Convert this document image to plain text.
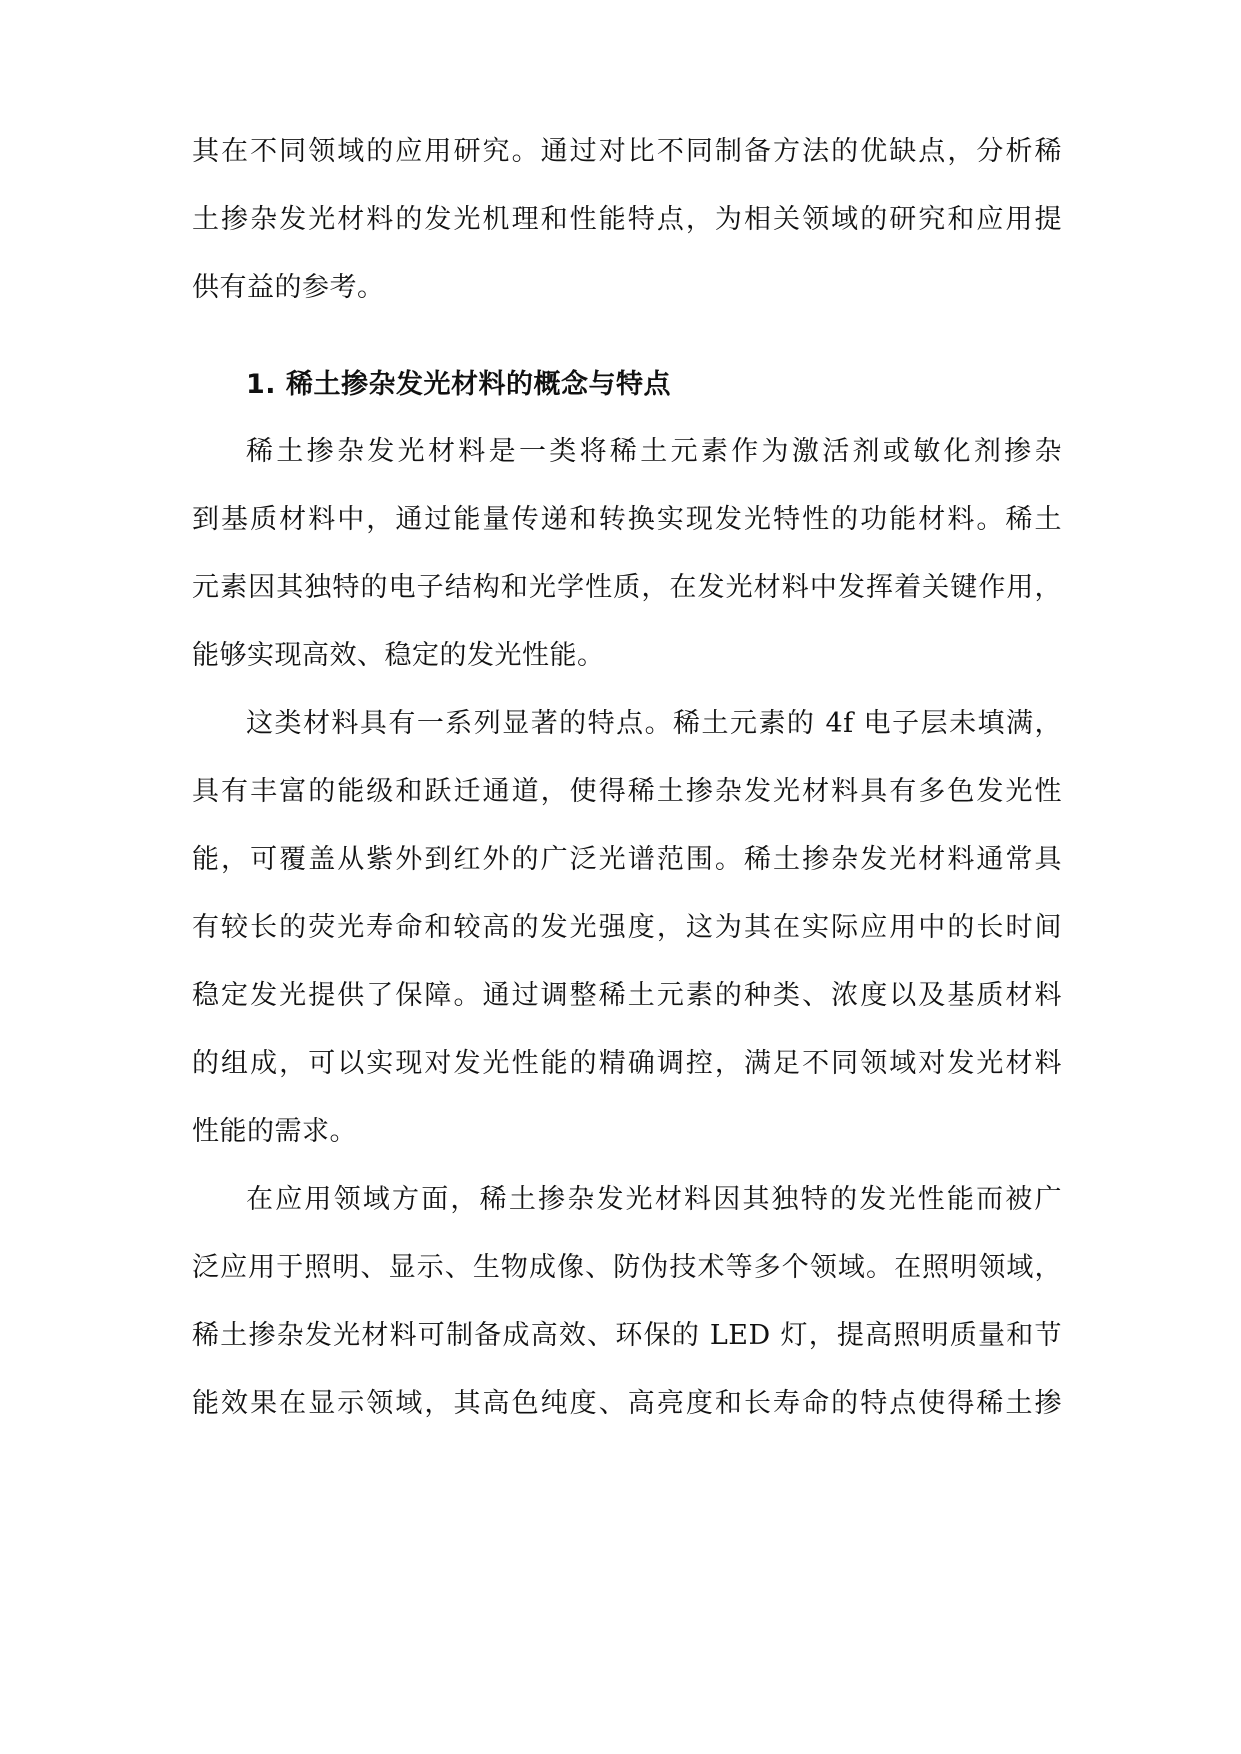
其在不同领域的应用研究。通过对比不同制备方法的优缺点，分析稀
土掺杂发光材料的发光机理和性能特点，为相关领域的研究和应用提
供有益的参考。
1. 稀土掺杂发光材料的概念与特点
稀土掺杂发光材料是一类将稀土元素作为激活剂或敏化剂掺杂
到基质材料中，通过能量传递和转换实现发光特性的功能材料。稀土
元素因其独特的电子结构和光学性质，在发光材料中发挥着关键作用，
能够实现高效、稳定的发光性能。
这类材料具有一系列显著的特点。稀土元素的 4f 电子层未填满，
具有丰富的能级和跃迁通道，使得稀土掺杂发光材料具有多色发光性
能，可覆盖从紫外到红外的广泛光谱范围。稀土掺杂发光材料通常具
有较长的荧光寿命和较高的发光强度，这为其在实际应用中的长时间
稳定发光提供了保障。通过调整稀土元素的种类、浓度以及基质材料
的组成，可以实现对发光性能的精确调控，满足不同领域对发光材料
性能的需求。
在应用领域方面，稀土掺杂发光材料因其独特的发光性能而被广
泛应用于照明、显示、生物成像、防伪技术等多个领域。在照明领域，
稀土掺杂发光材料可制备成高效、环保的 LED 灯，提高照明质量和节
能效果在显示领域，其高色纯度、高亮度和长寿命的特点使得稀土掺
